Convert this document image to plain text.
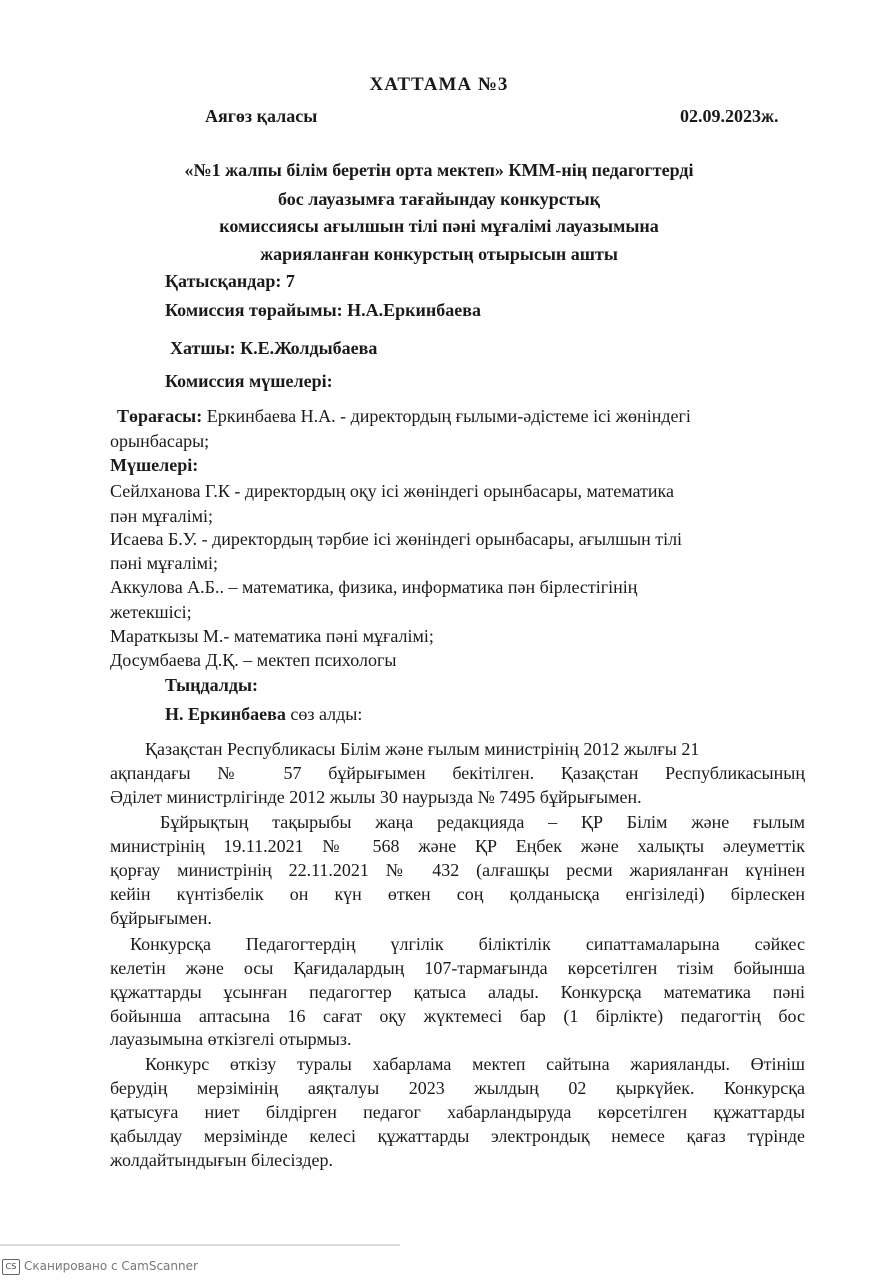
ХАТТАМА №3
Аягөз қаласы	02.09.2023ж.
«№1 жалпы білім беретін орта мектеп» КММ-нің педагогтерді
бос лауазымға тағайындау конкурстық
комиссиясы ағылшын тілі пәні мұғалімі лауазымына
жарияланған конкурстың отырысын ашты
Қатысқандар: 7
Комиссия төрайымы: Н.А.Еркинбаева
Хатшы: К.Е.Жолдыбаева
Комиссия мүшелері:
Төрағасы: Еркинбаева Н.А. - директордың ғылыми-әдістеме ісі жөніндегі
орынбасары;
Мүшелері:
Сейлханова Г.К - директордың оқу ісі жөніндегі орынбасары, математика
пән мұғалімі;
Исаева Б.У. - директордың тәрбие ісі жөніндегі орынбасары, ағылшын тілі
пәні мұғалімі;
Аккулова А.Б.. – математика, физика, информатика пән бірлестігінің
жетекшісі;
Мараткызы М.- математика пәні мұғалімі;
Досумбаева Д.Қ. – мектеп психологы
Тыңдалды:
Н. Еркинбаева сөз алды:
Қазақстан Республикасы Білім және ғылым министрінің 2012 жылғы 21
ақпандағы № 57 бұйрығымен бекітілген. Қазақстан Республикасының
Әділет министрлігінде 2012 жылы 30 наурызда № 7495 бұйрығымен.
Бұйрықтың тақырыбы жаңа редакцияда – ҚР Білім және ғылым
министрінің 19.11.2021 № 568 және ҚР Еңбек және халықты әлеуметтік
қорғау министрінің 22.11.2021 № 432 (алғашқы ресми жарияланған күнінен
кейін күнтізбелік он күн өткен соң қолданысқа енгізіледі) бірлескен
бұйрығымен.
Конкурсқа Педагогтердің үлгілік біліктілік сипаттамаларына сәйкес
келетін және осы Қағидалардың 107-тармағында көрсетілген тізім бойынша
құжаттарды ұсынған педагогтер қатыса алады. Конкурсқа математика пәні
бойынша аптасына 16 сағат оқу жүктемесі бар (1 бірлікте) педагогтің бос
лауазымына өткізгелі отырмыз.
Конкурс өткізу туралы хабарлама мектеп сайтына жарияланды. Өтініш
берудің мерзімінің аяқталуы 2023 жылдың 02 қыркүйек. Конкурсқа
қатысуға ниет білдірген педагог хабарландыруда көрсетілген құжаттарды
қабылдау мерзімінде келесі құжаттарды электрондық немесе қағаз түрінде
жолдайтындығын білесіздер.
CS Сканировано с CamScanner
